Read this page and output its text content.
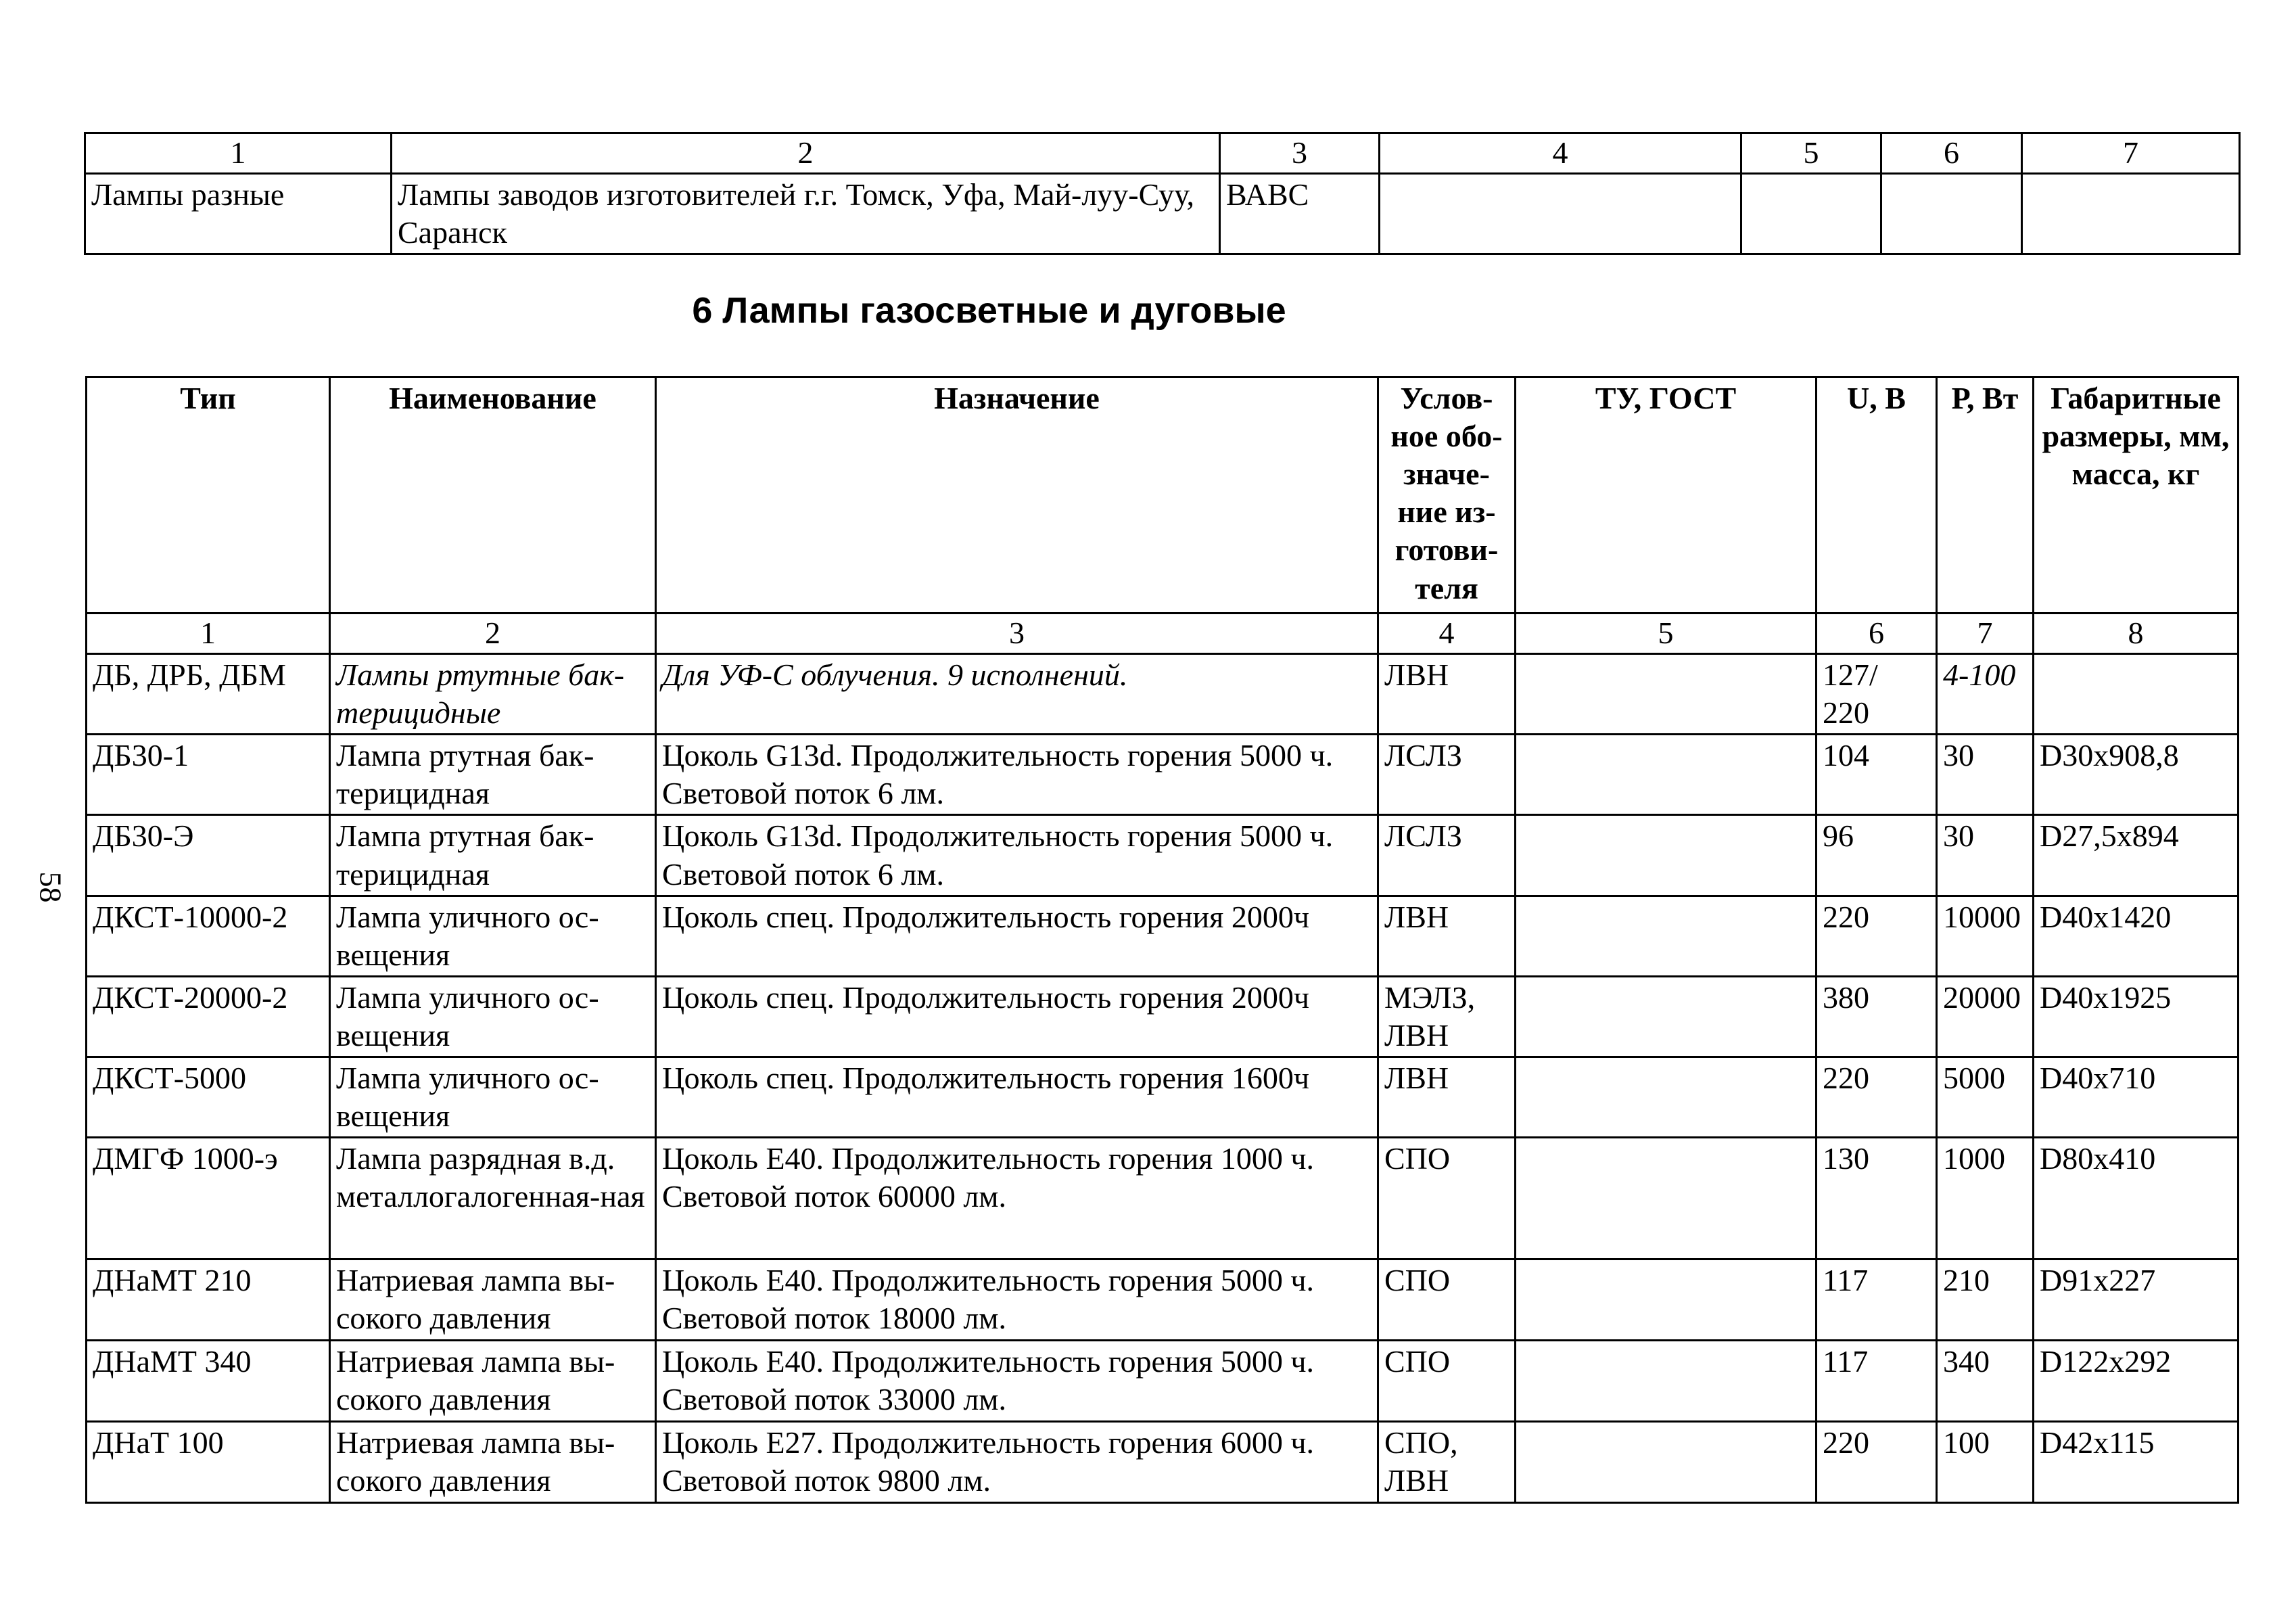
1	2	3	4	5	6	7
Лампы разные	Лампы заводов изготовителей г.г. Томск, Уфа, Май-луу-Суу, Саранск	ВАВС				
6 Лампы газосветные и дуговые
58
Тип	Наименование	Назначение	Услов-ное обо-значе-ние из-готови-теля	ТУ, ГОСТ	U, В	Р, Вт	Габаритные размеры, мм, масса, кг
1	2	3	4	5	6	7	8
ДБ, ДРБ, ДБМ	Лампы ртутные бак-терицидные	Для УФ-С облучения. 9 исполнений.	ЛВН		127/ 220	4-100	
ДБ30-1	Лампа ртутная бак-терицидная	Цоколь G13d. Продолжительность горения 5000 ч. Световой поток 6 лм.	ЛСЛЗ		104	30	D30x908,8
ДБ30-Э	Лампа ртутная бак-терицидная	Цоколь G13d. Продолжительность горения 5000 ч. Световой поток 6 лм.	ЛСЛЗ		96	30	D27,5x894
ДКСТ-10000-2	Лампа уличного ос-вещения	Цоколь спец. Продолжительность горения 2000ч	ЛВН		220	10000	D40x1420
ДКСТ-20000-2	Лампа уличного ос-вещения	Цоколь спец. Продолжительность горения 2000ч	МЭЛЗ, ЛВН		380	20000	D40x1925
ДКСТ-5000	Лампа уличного ос-вещения	Цоколь спец. Продолжительность горения 1600ч	ЛВН		220	5000	D40x710
ДМГФ 1000-э	Лампа разрядная в.д. металлогалогенная-ная	Цоколь Е40. Продолжительность горения 1000 ч. Световой поток 60000 лм.	СПО		130	1000	D80x410
ДНаМТ 210	Натриевая лампа вы-сокого давления	Цоколь Е40. Продолжительность горения 5000 ч. Световой поток 18000 лм.	СПО		117	210	D91x227
ДНаМТ 340	Натриевая лампа вы-сокого давления	Цоколь Е40. Продолжительность горения 5000 ч. Световой поток 33000 лм.	СПО		117	340	D122x292
ДНаТ 100	Натриевая лампа вы-сокого давления	Цоколь Е27. Продолжительность горения 6000 ч. Световой поток 9800 лм.	СПО, ЛВН		220	100	D42x115
